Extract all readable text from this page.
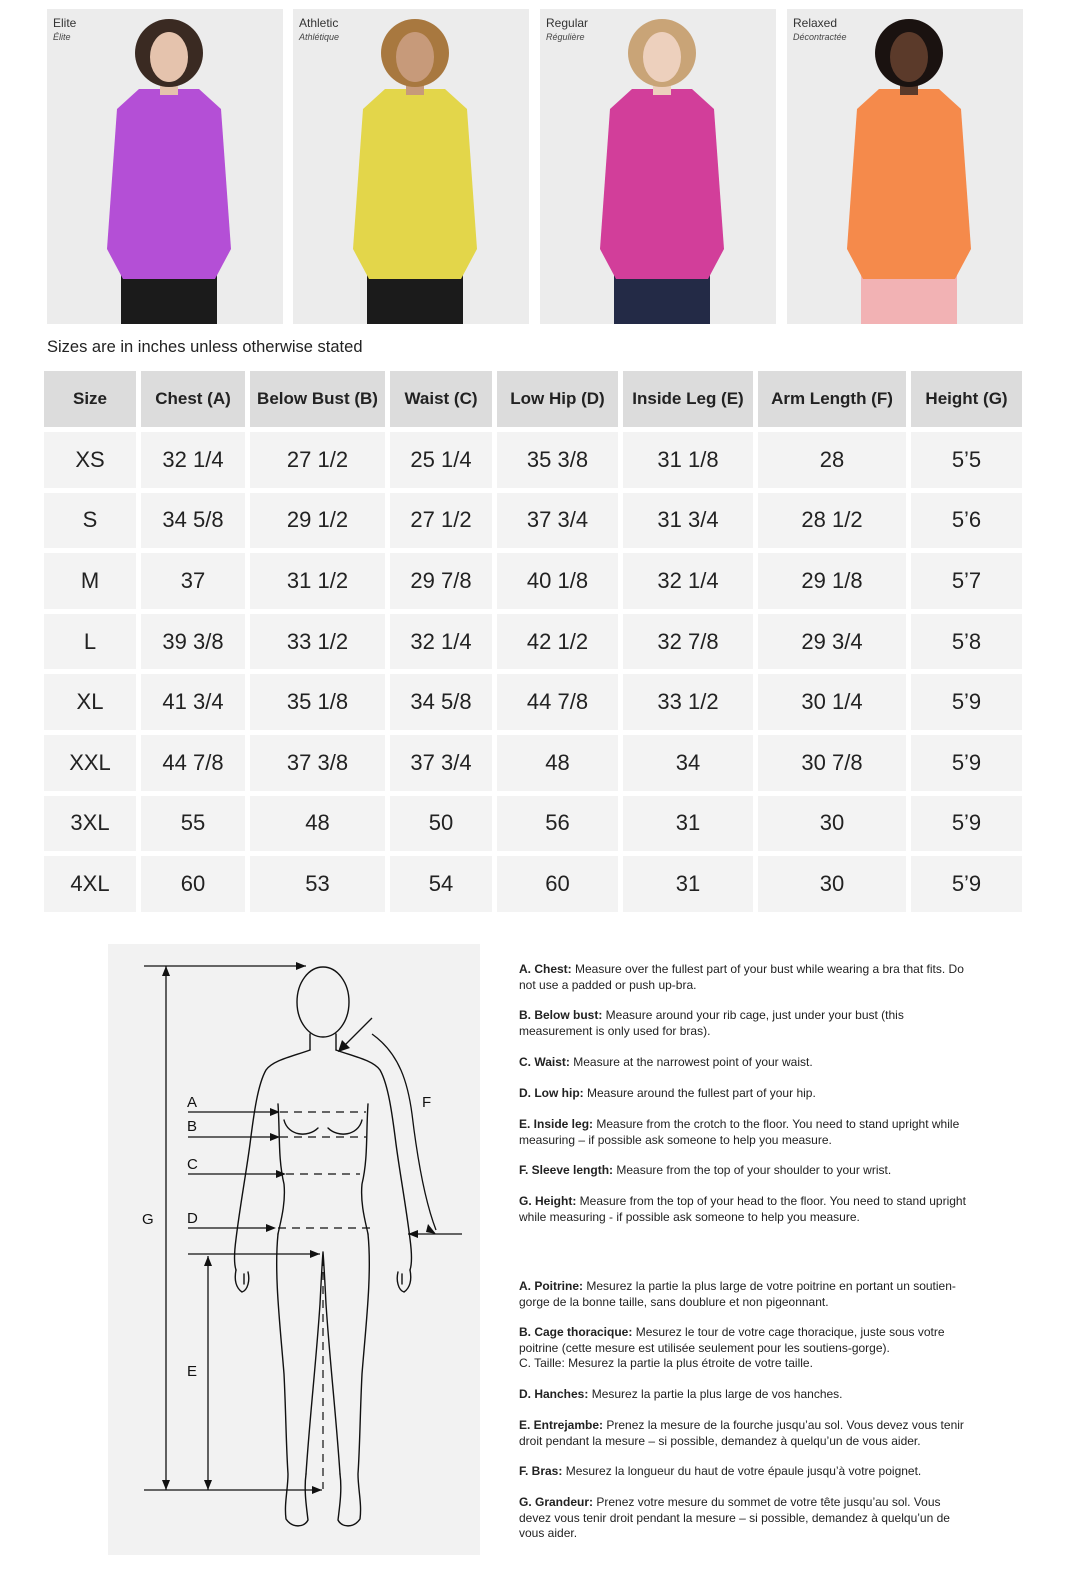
Elite
Élite
Athletic
Athlétique
Regular
Régulière
Relaxed
Décontractée
Sizes are in inches unless otherwise stated
Size	Chest (A)	Below Bust (B)	Waist (C)	Low Hip (D)	Inside Leg (E)	Arm Length (F)	Height (G)
XS	32 1/4	27 1/2	25 1/4	35 3/8	31 1/8	28	5’5
S	34 5/8	29 1/2	27 1/2	37 3/4	31 3/4	28 1/2	5’6
M	37	31 1/2	29 7/8	40 1/8	32 1/4	29 1/8	5’7
L	39 3/8	33 1/2	32 1/4	42 1/2	32 7/8	29 3/4	5’8
XL	41 3/4	35 1/8	34 5/8	44 7/8	33 1/2	30 1/4	5’9
XXL	44 7/8	37 3/8	37 3/4	48	34	30 7/8	5’9
3XL	55	48	50	56	31	30	5’9
4XL	60	53	54	60	31	30	5’9
A
B
C
D
E
F
G
A. Chest: Measure over the fullest part of your bust while wearing a bra that fits. Do not use a padded or push up-bra.
B. Below bust: Measure around your rib cage, just under your bust (this measurement is only used for bras).
C. Waist: Measure at the narrowest point of your waist.
D. Low hip: Measure around the fullest part of your hip.
E. Inside leg: Measure from the crotch to the floor. You need to stand upright while measuring – if possible ask someone to help you measure.
F. Sleeve length: Measure from the top of your shoulder to your wrist.
G. Height: Measure from the top of your head to the floor. You need to stand upright while measuring - if possible ask someone to help you measure.
A. Poitrine: Mesurez la partie la plus large de votre poitrine en portant un soutien-gorge de la bonne taille, sans doublure et non pigeonnant.
B. Cage thoracique: Mesurez le tour de votre cage thoracique, juste sous votre poitrine (cette mesure est utilisée seulement pour les soutiens-gorge).
C. Taille: Mesurez la partie la plus étroite de votre taille.
D. Hanches: Mesurez la partie la plus large de vos hanches.
E. Entrejambe: Prenez la mesure de la fourche jusqu’au sol. Vous devez vous tenir droit pendant la mesure – si possible, demandez à quelqu’un de vous aider.
F. Bras: Mesurez la longueur du haut de votre épaule jusqu’à votre poignet.
G. Grandeur: Prenez votre mesure du sommet de votre tête jusqu’au sol. Vous devez vous tenir droit pendant la mesure – si possible, demandez à quelqu’un de vous aider.
